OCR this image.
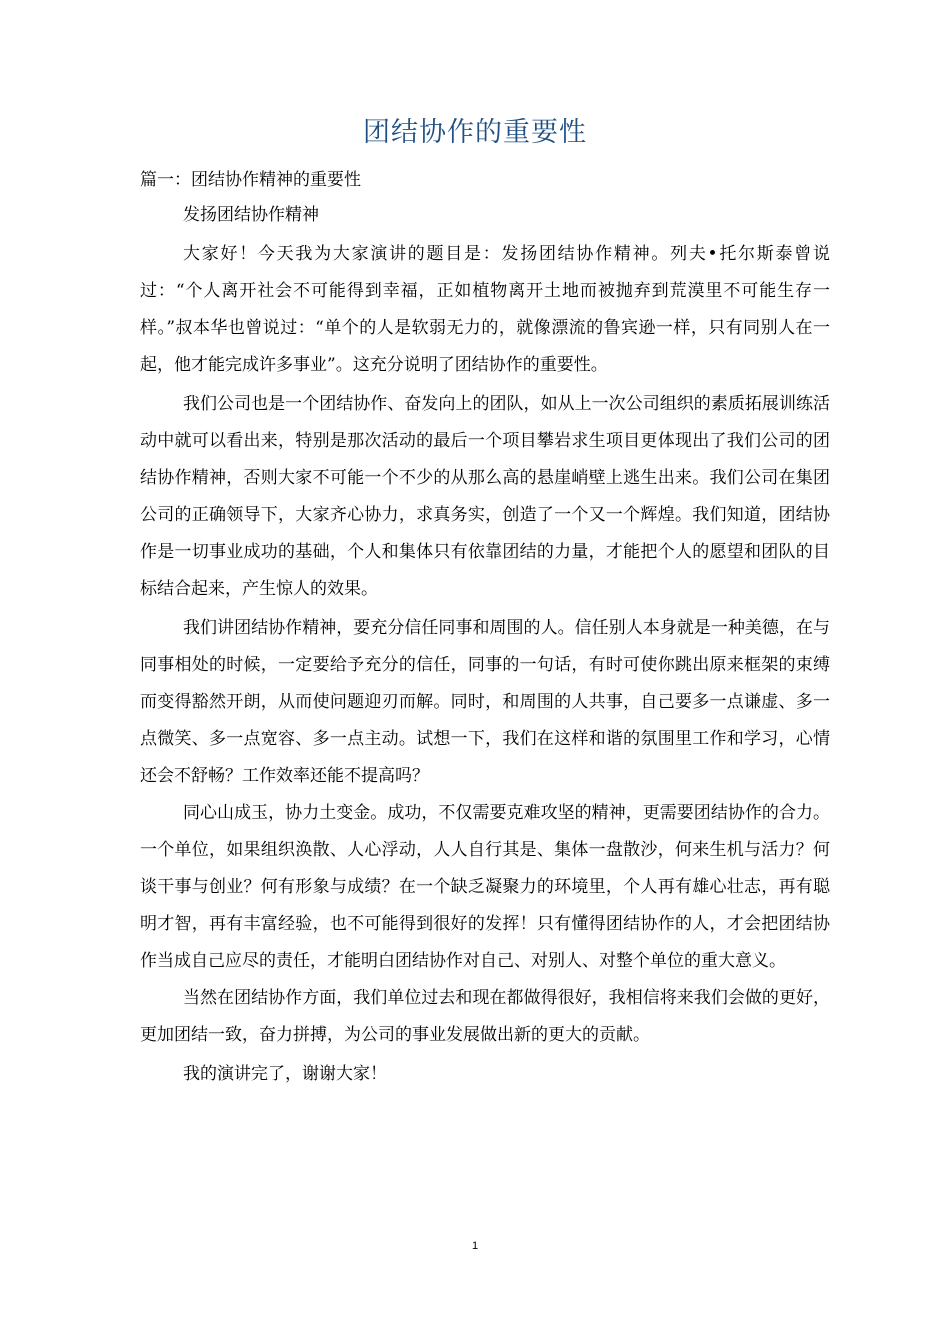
团结协作的重要性
篇一：团结协作精神的重要性
发扬团结协作精神

大家好！今天我为大家演讲的题目是：发扬团结协作精神。列夫•托尔斯泰曾说过：“个人离开社会不可能得到幸福，正如植物离开土地而被抛弃到荒漠里不可能生存一样。”叔本华也曾说过：“单个的人是软弱无力的，就像漂流的鲁宾逊一样，只有同别人在一起，他才能完成许多事业”。这充分说明了团结协作的重要性。

我们公司也是一个团结协作、奋发向上的团队，如从上一次公司组织的素质拓展训练活动中就可以看出来，特别是那次活动的最后一个项目攀岩求生项目更体现出了我们公司的团结协作精神，否则大家不可能一个不少的从那么高的悬崖峭壁上逃生出来。我们公司在集团公司的正确领导下，大家齐心协力，求真务实，创造了一个又一个辉煌。我们知道，团结协作是一切事业成功的基础，个人和集体只有依靠团结的力量，才能把个人的愿望和团队的目标结合起来，产生惊人的效果。

我们讲团结协作精神，要充分信任同事和周围的人。信任别人本身就是一种美德，在与同事相处的时候，一定要给予充分的信任，同事的一句话，有时可使你跳出原来框架的束缚而变得豁然开朗，从而使问题迎刃而解。同时，和周围的人共事，自己要多一点谦虚、多一点微笑、多一点宽容、多一点主动。试想一下，我们在这样和谐的氛围里工作和学习，心情还会不舒畅？工作效率还能不提高吗？

同心山成玉，协力土变金。成功，不仅需要克难攻坚的精神，更需要团结协作的合力。一个单位，如果组织涣散、人心浮动，人人自行其是、集体一盘散沙，何来生机与活力？何谈干事与创业？何有形象与成绩？在一个缺乏凝聚力的环境里，个人再有雄心壮志，再有聪明才智，再有丰富经验，也不可能得到很好的发挥！只有懂得团结协作的人，才会把团结协作当成自己应尽的责任，才能明白团结协作对自己、对别人、对整个单位的重大意义。

当然在团结协作方面，我们单位过去和现在都做得很好，我相信将来我们会做的更好，更加团结一致，奋力拼搏，为公司的事业发展做出新的更大的贡献。

我的演讲完了，谢谢大家！

1
